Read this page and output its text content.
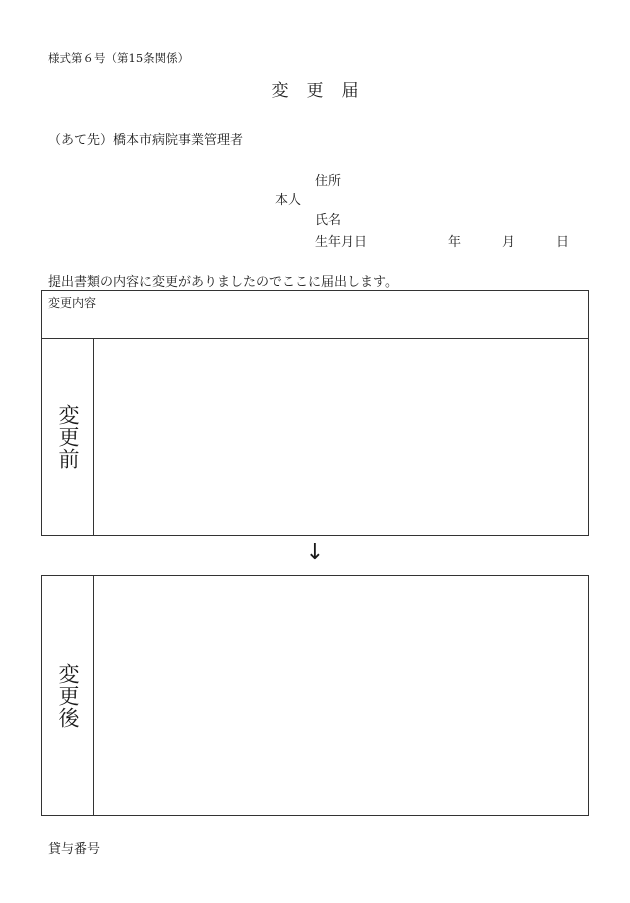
様式第６号（第15条関係）
変更届
（あて先）橋本市病院事業管理者
本人
住所
氏名
生年月日	年	月	日
提出書類の内容に変更がありましたのでここに届出します。
変更内容
変更前
↓
変更後
貸与番号
